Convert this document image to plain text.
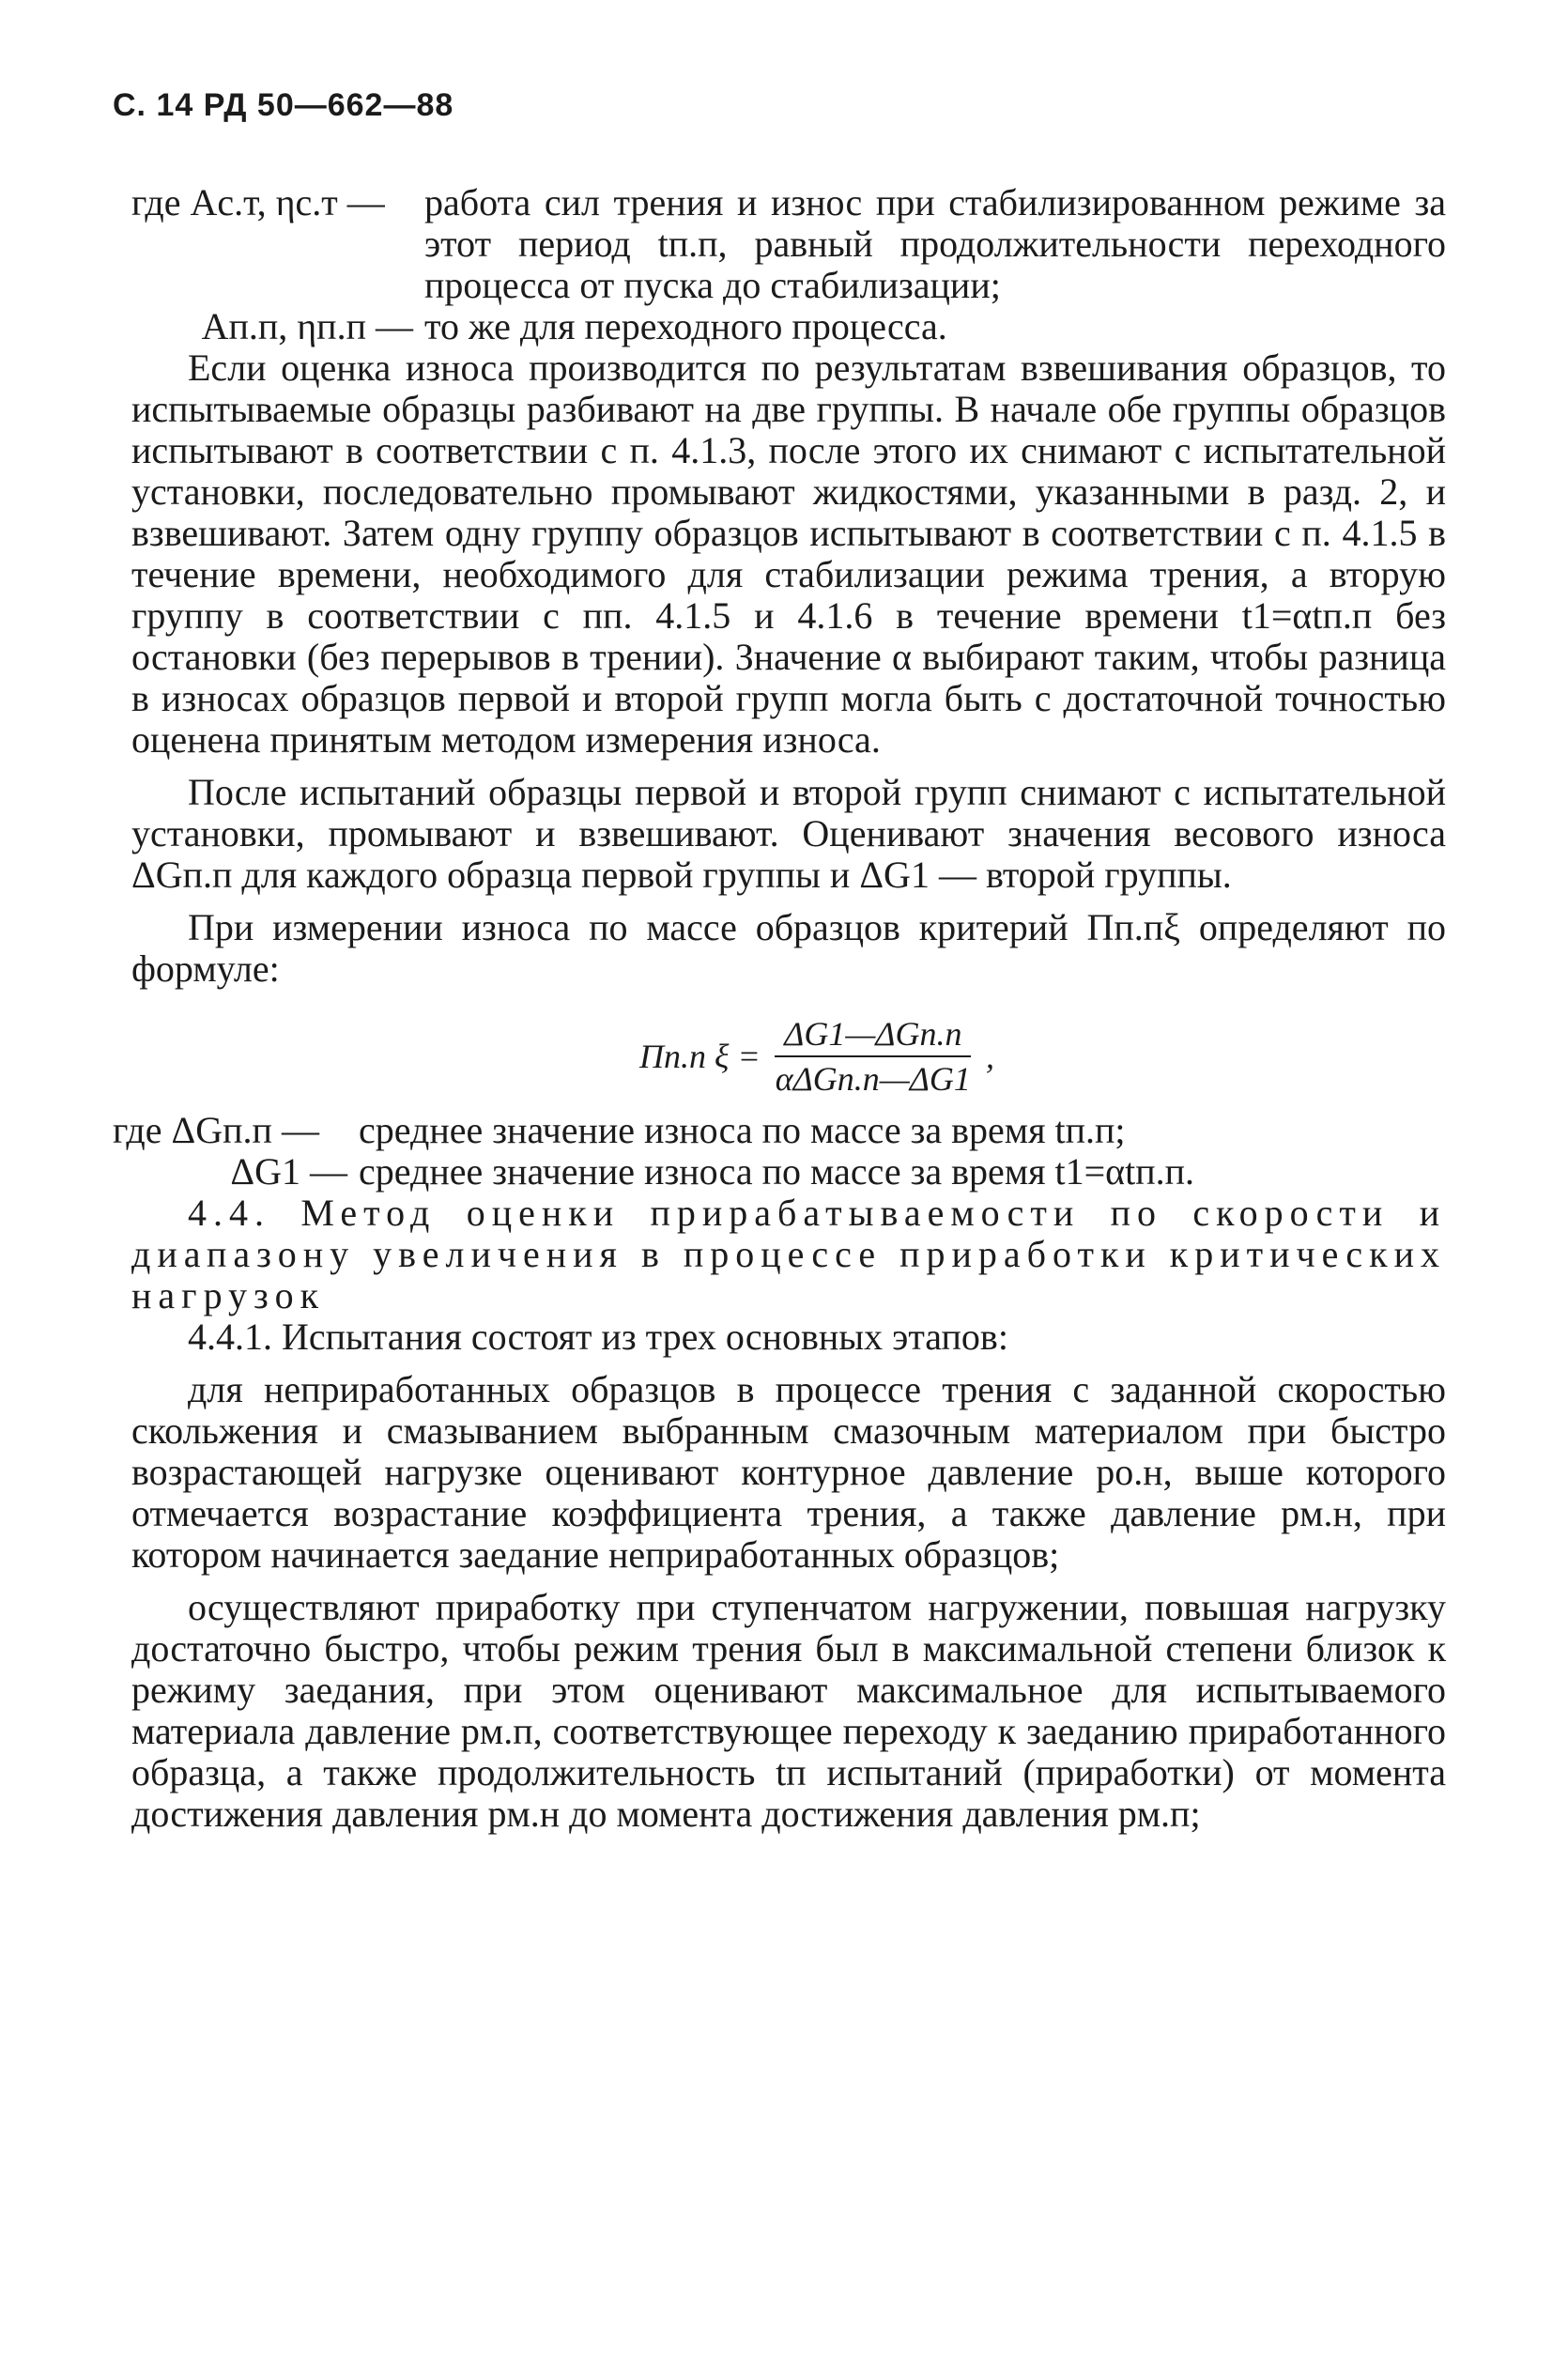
С. 14 РД 50—662—88
где Aс.т, ηс.т —	работа сил трения и износ при стабилизированном режиме за этот период tп.п, равный продолжительности переходного процесса от пуска до стабилизации;
Aп.п, ηп.п — то же для переходного процесса.

Если оценка износа производится по результатам взвешивания образцов, то испытываемые образцы разбивают на две группы. В начале обе группы образцов испытывают в соответствии с п. 4.1.3, после этого их снимают с испытательной установки, последовательно промывают жидкостями, указанными в разд. 2, и взвешивают. Затем одну группу образцов испытывают в соответствии с п. 4.1.5 в течение времени, необходимого для стабилизации режима трения, а вторую группу в соответствии с пп. 4.1.5 и 4.1.6 в течение времени t1=αtп.п без остановки (без перерывов в трении). Значение α выбирают таким, чтобы разница в износах образцов первой и второй групп могла быть с достаточной точностью оценена принятым методом измерения износа.

После испытаний образцы первой и второй групп снимают с испытательной установки, промывают и взвешивают. Оценивают значения весового износа ΔGп.п для каждого образца первой группы и ΔG1 — второй группы.

При измерении износа по массе образцов критерий Пп.пξ определяют по формуле:

Пп.п $\xi = \frac{\text{ΔG1—ΔGп.п}}{\text{αΔGп.п—ΔG1}}$ ,
где ΔGп.п —	среднее значение износа по массе за время tп.п;
ΔG1 — среднее значение износа по массе за время t1=αtп.п.

4.4. Метод оценки прирабатываемости по скорости и диапазону увеличения в процессе приработки критических нагрузок

4.4.1. Испытания состоят из трех основных этапов:

для неприработанных образцов в процессе трения с заданной скоростью скольжения и смазыванием выбранным смазочным материалом при быстро возрастающей нагрузке оценивают контурное давление pо.н, выше которого отмечается возрастание коэффициента трения, а также давление pм.н, при котором начинается заедание неприработанных образцов;

осуществляют приработку при ступенчатом нагружении, повышая нагрузку достаточно быстро, чтобы режим трения был в максимальной степени близок к режиму заедания, при этом оценивают максимальное для испытываемого материала давление pм.п, соответствующее переходу к заеданию приработанного образца, а также продолжительность tп испытаний (приработки) от момента достижения давления pм.н до момента достижения давления pм.п;
